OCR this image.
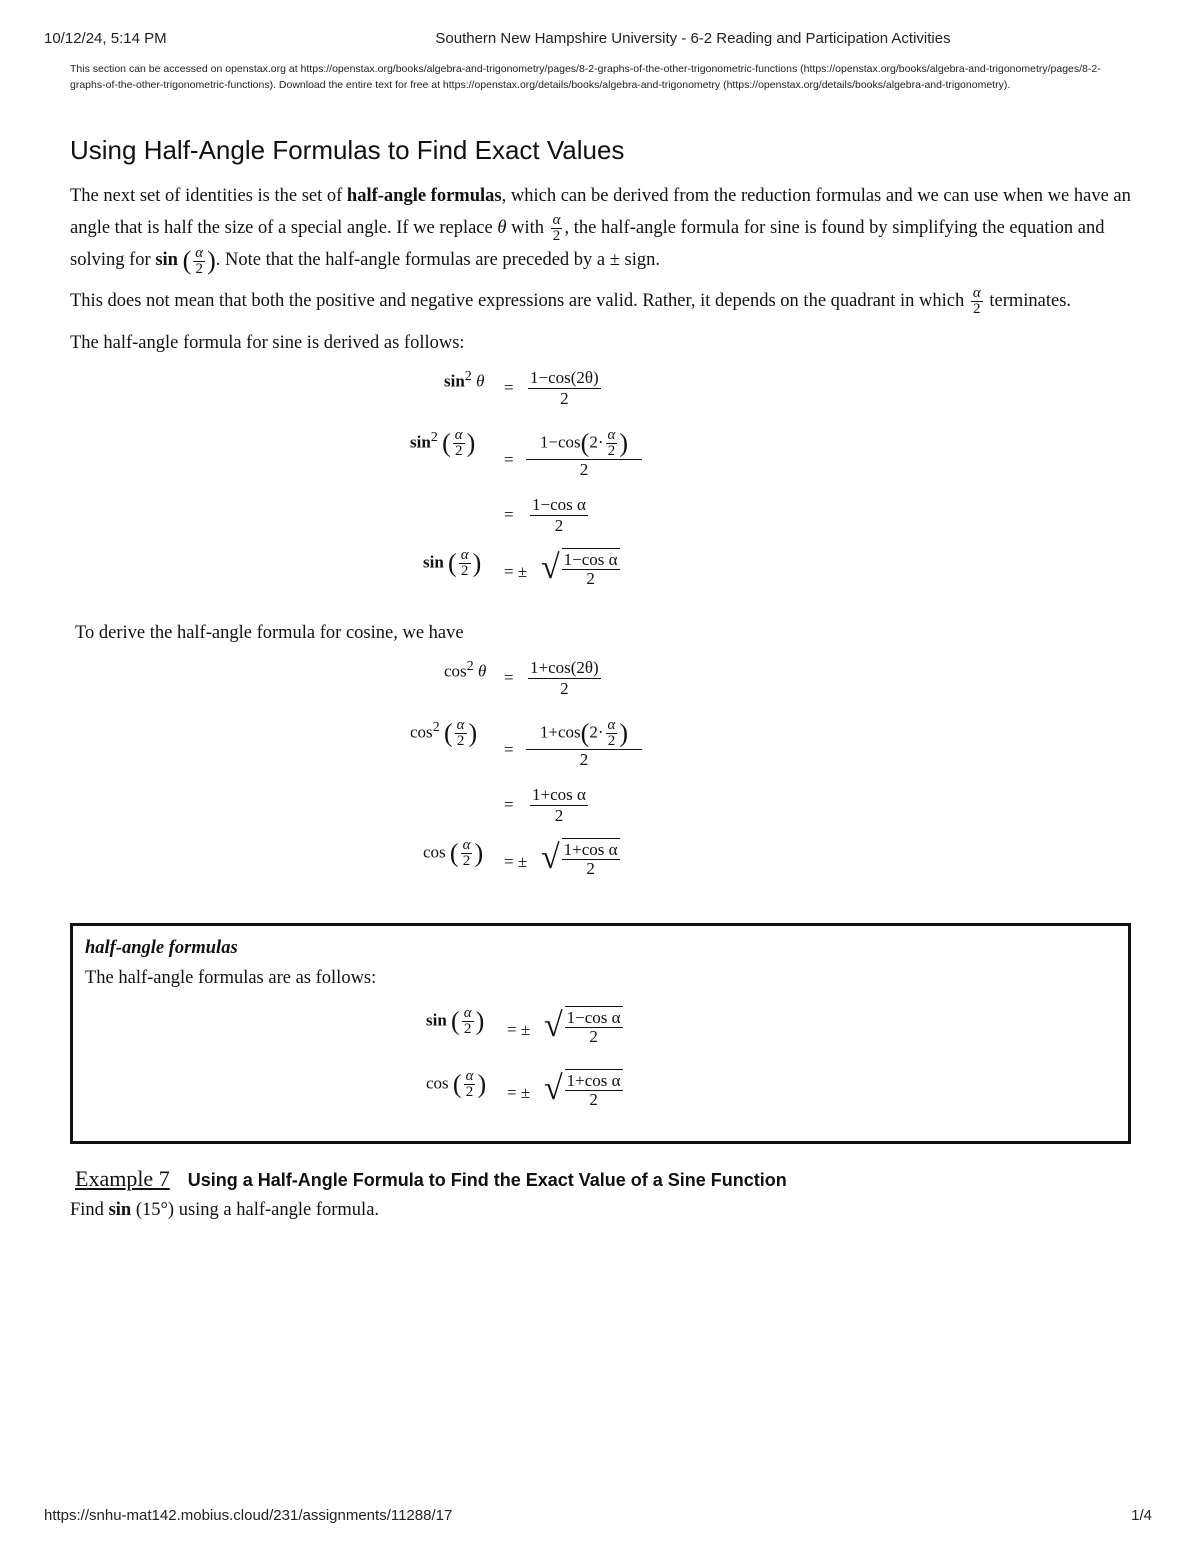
10/12/24, 5:14 PM	Southern New Hampshire University - 6-2 Reading and Participation Activities
This section can be accessed on openstax.org at https://openstax.org/books/algebra-and-trigonometry/pages/8-2-graphs-of-the-other-trigonometric-functions (https://openstax.org/books/algebra-and-trigonometry/pages/8-2-graphs-of-the-other-trigonometric-functions). Download the entire text for free at https://openstax.org/details/books/algebra-and-trigonometry (https://openstax.org/details/books/algebra-and-trigonometry).
Using Half-Angle Formulas to Find Exact Values
The next set of identities is the set of half-angle formulas, which can be derived from the reduction formulas and we can use when we have an angle that is half the size of a special angle. If we replace θ with $\frac{\alpha}{2}$ , the half-angle formula for sine is found by simplifying the equation and solving for sin ( $\frac{\alpha}{2}$ ). Note that the half-angle formulas are preceded by a ± sign.
This does not mean that both the positive and negative expressions are valid. Rather, it depends on the quadrant in which $\frac{\alpha}{2}$ terminates.
The half-angle formula for sine is derived as follows:
$\sin^2 \theta = \frac{1-\cos(2\theta)}{2}$
$\sin^2$ ( $\frac{\alpha}{2}$ )
=
$1-\cos(2\cdot \frac{\alpha}{2}$ )
2
= $\frac{\text{1−cos α}}{2}$
sin ( $\frac{\alpha}{2}$ ) = ± √ $\frac{\text{1−cos α}}{2}$
To derive the half-angle formula for cosine, we have
$\cos^2 \theta = \frac{1+\cos(2\theta)}{2}$
$\cos^2$ ( $\frac{\alpha}{2}$ )
=
$1+\cos(2\cdot \frac{\alpha}{2}$ )
2
= $\frac{\text{1+cos α}}{2}$
cos ( $\frac{\alpha}{2}$ ) = ± √ $\frac{\text{1+cos α}}{2}$
half-angle formulas
The half-angle formulas are as follows:
sin ( $\frac{\alpha}{2}$ ) = ± √ $\frac{\text{1−cos α}}{2}$
cos ( $\frac{\alpha}{2}$ ) = ± √ $\frac{\text{1+cos α}}{2}$
Example 7 Using a Half-Angle Formula to Find the Exact Value of a Sine Function
Find sin (15°) using a half-angle formula.
https://snhu-mat142.mobius.cloud/231/assignments/11288/17	1/4
